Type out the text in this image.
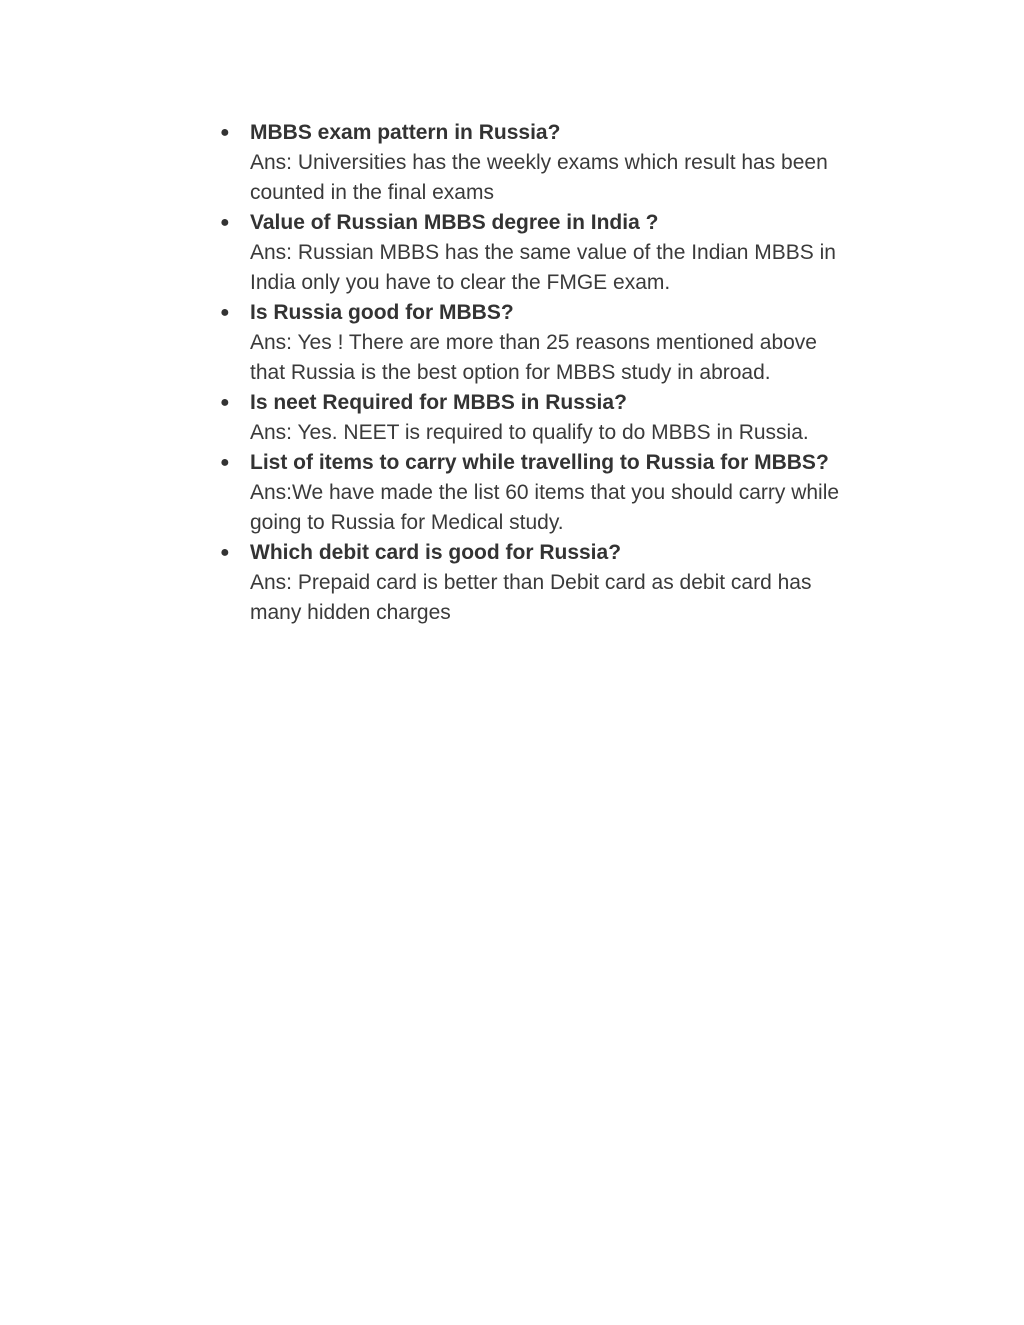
● MBBS exam pattern in Russia?
Ans: Universities has the weekly exams which result has been
counted in the final exams
● Value of Russian MBBS degree in India ?
Ans: Russian MBBS has the same value of the Indian MBBS in
India only you have to clear the FMGE exam.
● Is Russia good for MBBS?
Ans: Yes ! There are more than 25 reasons mentioned above
that Russia is the best option for MBBS study in abroad.
● Is neet Required for MBBS in Russia?
Ans: Yes. NEET is required to qualify to do MBBS in Russia.
● List of items to carry while travelling to Russia for MBBS?
Ans:We have made the list 60 items that you should carry while
going to Russia for Medical study.
● Which debit card is good for Russia?
Ans: Prepaid card is better than Debit card as debit card has
many hidden charges
